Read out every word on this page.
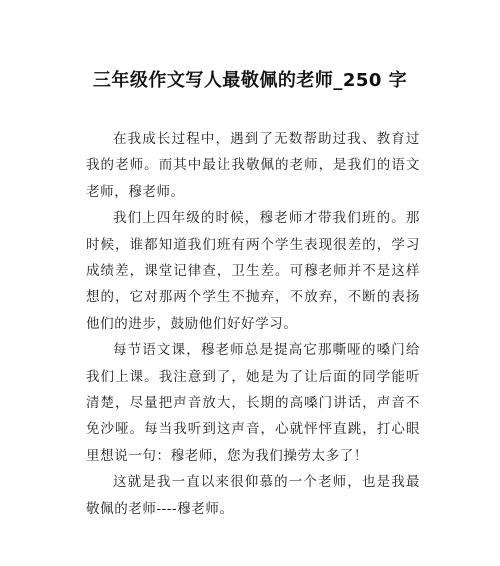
三年级作文写人最敬佩的老师_250 字

在我成长过程中，遇到了无数帮助过我、教育过我的老师。而其中最让我敬佩的老师，是我们的语文老师，穆老师。

我们上四年级的时候，穆老师才带我们班的。那时候，谁都知道我们班有两个学生表现很差的，学习成绩差，课堂记律查，卫生差。可穆老师并不是这样想的，它对那两个学生不抛弃，不放弃，不断的表扬他们的进步，鼓励他们好好学习。

每节语文课，穆老师总是提高它那嘶哑的嗓门给我们上课。我注意到了，她是为了让后面的同学能听清楚，尽量把声音放大，长期的高嗓门讲话，声音不免沙哑。每当我听到这声音，心就怦怦直跳，打心眼里想说一句：穆老师，您为我们操劳太多了！

这就是我一直以来很仰慕的一个老师，也是我最敬佩的老师----穆老师。
